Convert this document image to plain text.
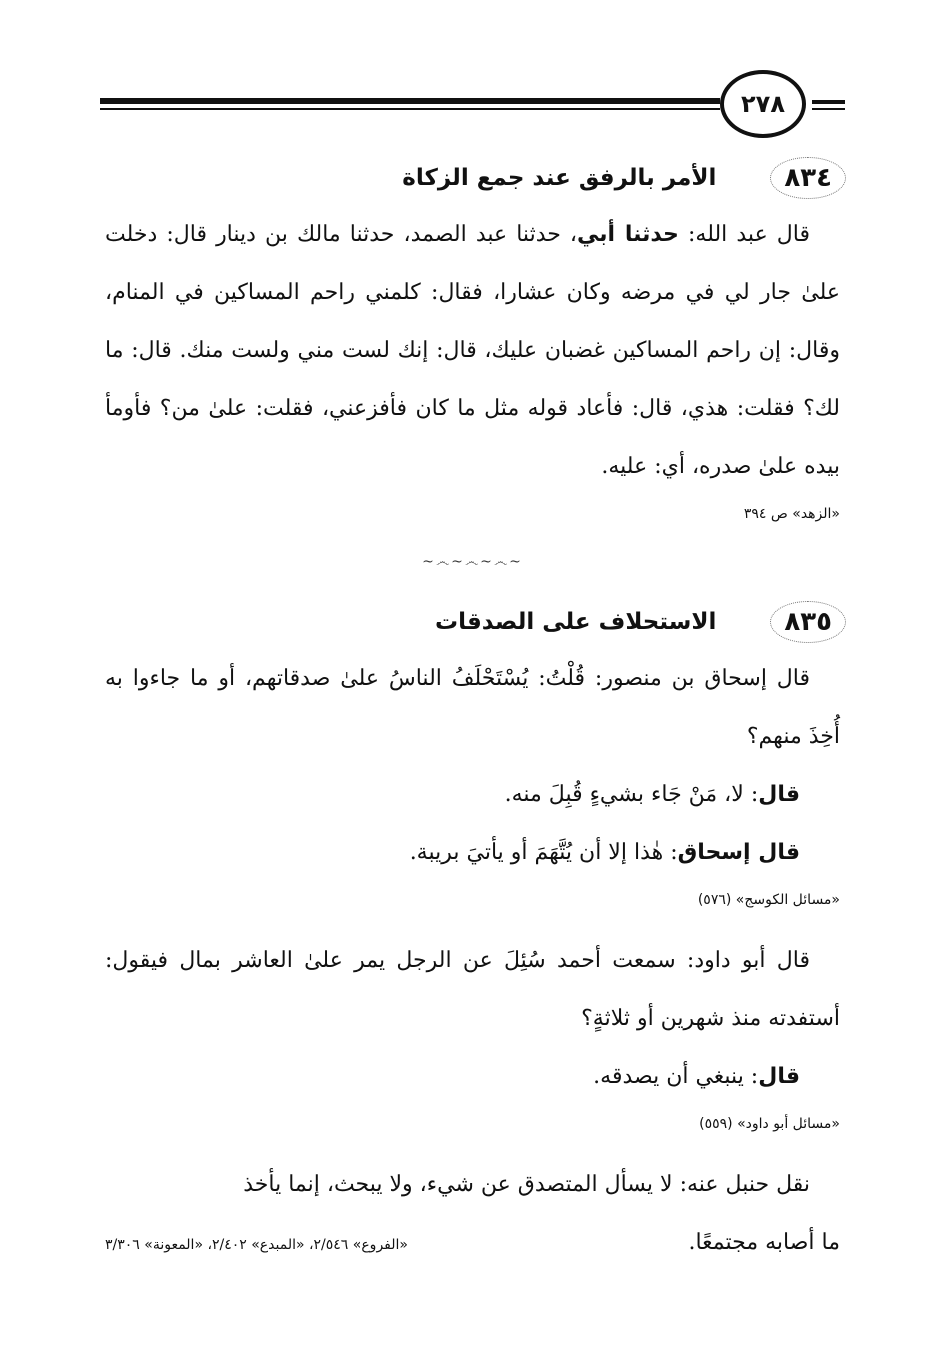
٢٧٨
٨٣٤
الأمر بالرفق عند جمع الزكاة

قال عبد الله: حدثنا أبي، حدثنا عبد الصمد، حدثنا مالك بن دينار قال: دخلت علىٰ جار لي في مرضه وكان عشارا، فقال: كلمني راحم المساكين في المنام، وقال: إن راحم المساكين غضبان عليك، قال: إنك لست مني ولست منك. قال: ما لك؟ فقلت: هذي، قال: فأعاد قوله مثل ما كان فأفزعني، فقلت: علىٰ من؟ فأومأ بيده علىٰ صدره، أي: عليه.

«الزهد» ص ٣٩٤
~෴~෴~෴~
٨٣٥
الاستحلاف على الصدقات

قال إسحاق بن منصور: قُلْتُ: يُسْتَحْلَفُ الناسُ علىٰ صدقاتهم، أو ما جاءوا به أُخِذَ منهم؟

قال: لا، مَنْ جَاء بشيءٍ قُبِلَ منه.

قال إسحاق: هٰذا إلا أن يُتَّهَمَ أو يأتيَ بريبة.

«مسائل الكوسج» (٥٧٦)

قال أبو داود: سمعت أحمد سُئِلَ عن الرجل يمر علىٰ العاشر بمال فيقول: أستفدته منذ شهرين أو ثلاثةٍ؟

قال: ينبغي أن يصدقه.

«مسائل أبو داود» (٥٥٩)

نقل حنبل عنه: لا يسأل المتصدق عن شيء، ولا يبحث، إنما يأخذ

ما أصابه مجتمعًا.
«الفروع» ٢/٥٤٦، «المبدع» ٢/٤٠٢، «المعونة» ٣/٣٠٦
